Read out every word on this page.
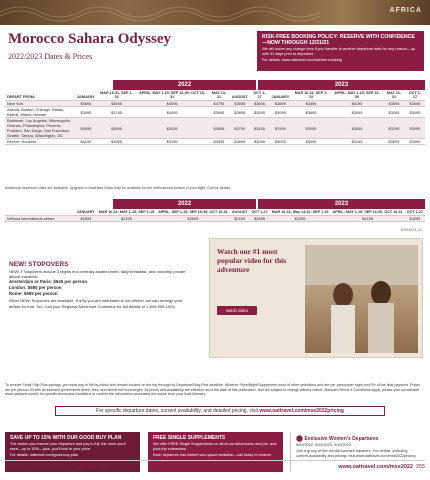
AFRICA
Morocco Sahara Odyssey
2022/2023 Dates & Prices
RISK-FREE BOOKING POLICY: RESERVE WITH CONFIDENCE—NOW THROUGH 12/31/21
We will waive any change fees if you transfer to another departure date for any reason—up until 31 days prior to departure.
For details: www.oattravel.com/riskfree-booking
2022	2023
DEPART FROM:	JANUARY	MAR 16-31, SEP 1-15	APRIL; MAY 1-15; SEP 16-30; OCT 16-31	MAY 13-31	AUGUST	OCT 1-27	JANUARY	MAR 16-31; SEP 1-15	APRIL; MAY 1-15; SEP 16-30	MAY 16-31	OCT 1-17
New York	$3695	$3595	$4095	$3795	$3695	$3695	$3695	$3495	$5195	$3995	$3095
Atlanta, Boston, Chicago, Dallas, Detroit, Miami, Newark	$3995	$3795	$4095	$3995	$3895	$3095	$3095	$3695	$3095	$3295	$3095
Baltimore, Los Angeles, Minneapolis, Orlando, Philadelphia, Phoenix, Portland, San Diego, San Francisco, Seattle, Tampa, Washington, DC	$4095	$3995	$3095	$3095	$3795	$3195	$3195	$3095	$3095	$3295	$3095
Denver, Houston	$4195	$3995	$3195	$3095	$3895	$3295	$3095	$3095	$3195	$3295	$3095
Additional departure cities are available. Upgrade to Business Class may be available for the international portion of your flight. Call for details.
2022	2023
	JANUARY	MAR 16-31; MAY 1-15; SEP 1-15	APRIL; SEP 1-15; SEP 16-30; OCT 16-31	AUGUST	OCT 1-27	MAR 16-31; May 13-31; SEP 1-15	APRIL; MAY 1-15; SEP 16-30; OCT 16-31	OCT 1-27
Without international airfare	$2695	$2495	$2695	$2495	$2695	$2495	$4195	$4295
MXS2023_21
NEW! STOPOVERS
NEW! T Stopovers include 3 nights in a centrally-located hotel, daily breakfast, and roundtrip private airport transfers:
Amsterdam or Paris: $645 per person
London: $685 per person
Rome: $695 per person
Other NEW! Stopovers are available. If a fly you are interested is not offered, we can arrange your airfare for that. Too. Call your Regional Adventure Counselor for full details at 1-800-955-1925
Watch our #1 most popular video for this adventure
watch video
To receive Small Ship Plus savings, you must pay in full by check and remain booked on the trip through its Departure/Stay Plus deadline. Whether Price/Night/Supplement most of other selections and are per person/per night and 5% of the final payment. Prices are per person, fill with all included government taxes, fees, and airline fuel surcharges. All prices and availability are effective as of the date of this publication, and are subject to change without notice. Standard Terms & Conditions apply, please visit our website www.oattravel.com/tc for specific terms and conditions to confirm the information accurately the cruise from your local itinerary.
For specific departure dates, current availability, and detailed pricing, visit www.oattravel.com/mse2022pricing
SAVE UP TO 15% WITH OUR GOOD BUY PLAN
The earlier you reserve your departure and pay in full, the more you'll save—up to 15%—plus, you'll lock in your price.
For details: oattravel.com/good-buy-plan
FREE SINGLE SUPPLEMENTS
We offer FREE Single Supplements on all of our adventures and pre- and post-trip extensions.
Each departure has limited solo space available—call today to reserve
Exclusive Women's Departures
9/20/2022, 4/10/2023, 9/19/2023
Join a group of like-minded women travelers. For details, including current availability and pricing, visit www.oattravel.com/mse2022pricing
Information & Reservations: 1-800-955-1925	www.oattravel.com/mse2022 255
